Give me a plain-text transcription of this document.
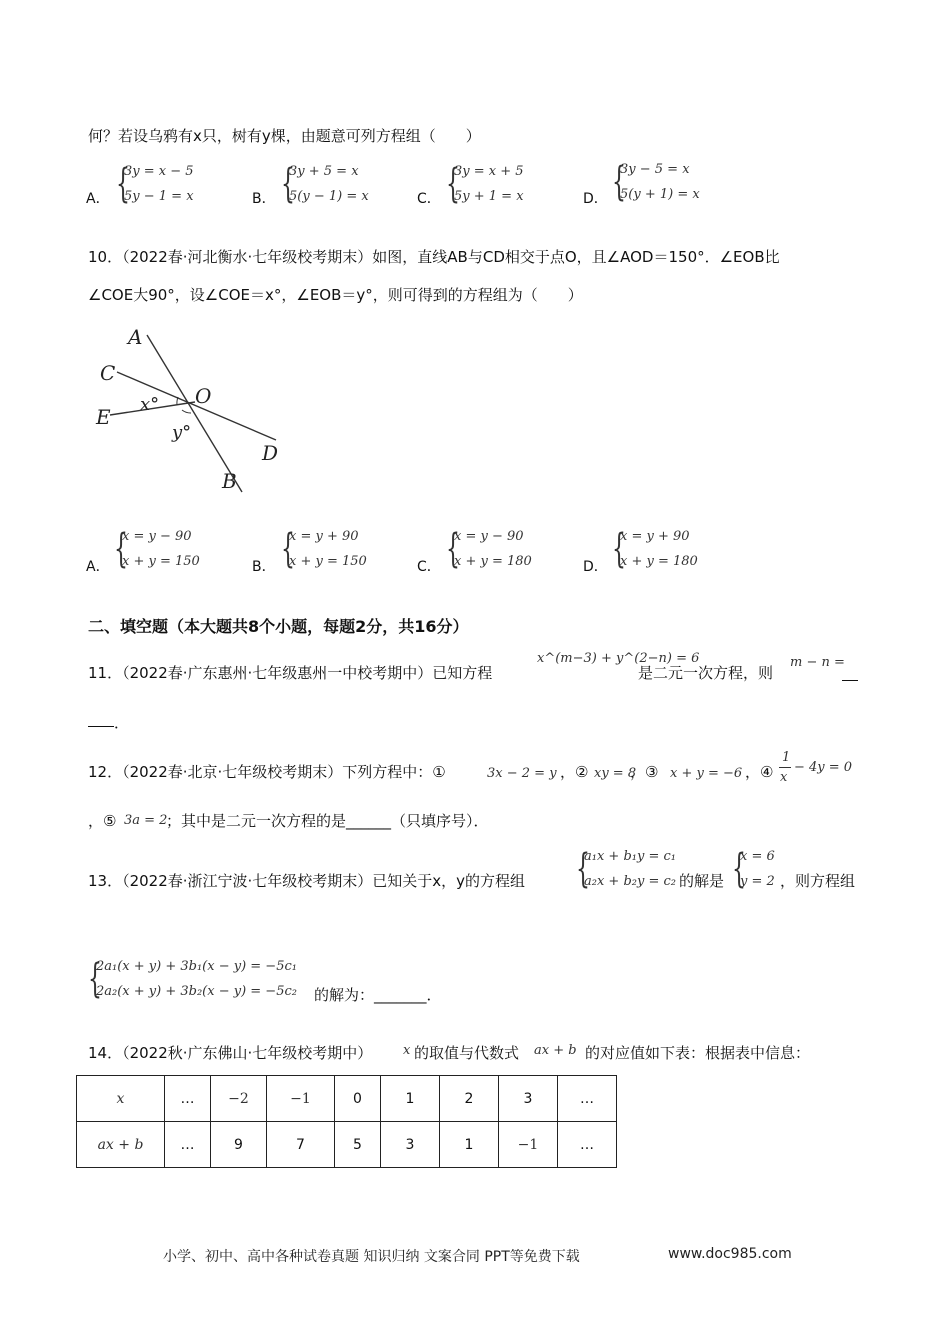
何？若设乌鸦有x只，树有y棵，由题意可列方程组（　　）
A． {
3y = x − 5
5y − 1 = x	B． {
3y + 5 = x
5(y − 1) = x	C． {
3y = x + 5
5y + 1 = x	D． {
3y − 5 = x
5(y + 1) = x
10．（2022春·河北衡水·七年级校考期末）如图，直线AB与CD相交于点O，且∠AOD＝150°．∠EOB比
∠COE大90°，设∠COE＝x°，∠EOB＝y°，则可得到的方程组为（　　）
A
C
E
O
D
B
x°
y°
A． {
x = y − 90
x + y = 150	B． {
x = y + 90
x + y = 150	C． {
x = y − 90
x + y = 180	D． {
x = y + 90
x + y = 180
二、填空题（本大题共8个小题，每题2分，共16分）
11．（2022春·广东惠州·七年级惠州一中校考期中）已知方程
x^(m−3) + y^(2−n) = 6
是二元一次方程，则
m − n =
．
12．（2022春·北京·七年级校考期末）下列方程中：①	3x − 2 = y ，② xy = 8
，③ x + y = −6 ，④
1
x
− 4y = 0
，⑤ 3a = 2
；其中是二元一次方程的是______（只填序号）．
13．（2022春·浙江宁波·七年级校考期末）已知关于x，y的方程组 {
a₁x + b₁y = c₁
a₂x + b₂y = c₂ 的解是 {
x = 6
y = 2 ，则方程组
{
2a₁(x + y) + 3b₁(x − y) = −5c₁
2a₂(x + y) + 3b₂(x − y) = −5c₂ 的解为：_______．
14．（2022秋·广东佛山·七年级校考期中） x 的取值与代数式 ax + b 的对应值如下表：根据表中信息：
x	…	−2	−1	0	1	2	3	…
ax + b	…	9	7	5	3	1	−1	…
小学、初中、高中各种试卷真题 知识归纳 文案合同 PPT等免费下载	www.doc985.com
